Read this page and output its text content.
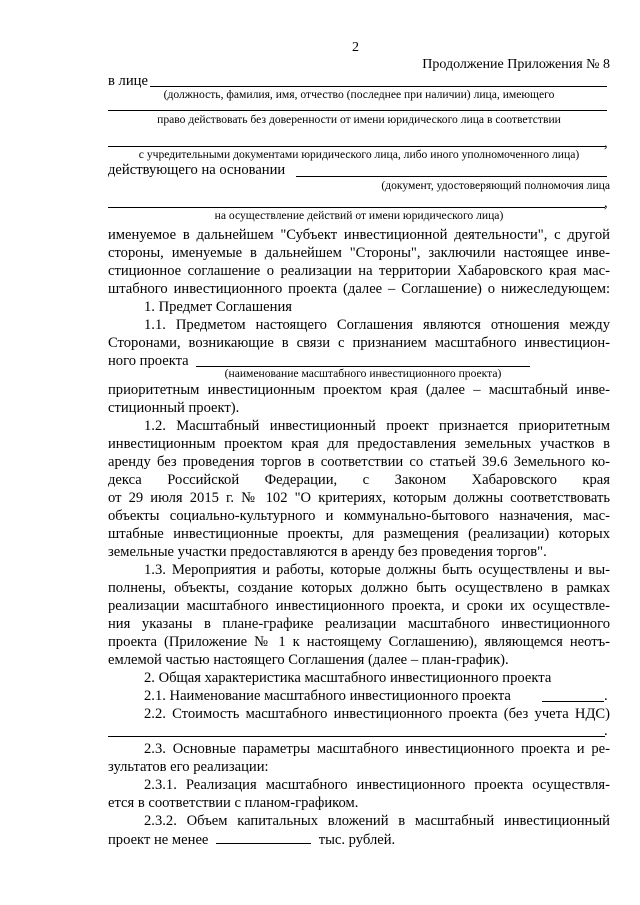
2
Продолжение Приложения № 8
в лице
(должность, фамилия, имя, отчество (последнее при наличии) лица, имеющего
право действовать без доверенности от имени юридического лица в соответствии
,
с учредительными документами юридического лица, либо иного уполномоченного лица)
действующего на основании
(документ, удостоверяющий полномочия лица
,
на осуществление действий от имени юридического лица)
именуемое в дальнейшем "Субъект инвестиционной деятельности", с другой
стороны, именуемые в дальнейшем "Стороны", заключили настоящее инве-
стиционное соглашение о реализации на территории Хабаровского края мас-
штабного инвестиционного проекта (далее – Соглашение) о нижеследующем:
1. Предмет Соглашения
1.1. Предметом настоящего Соглашения являются отношения между
Сторонами, возникающие в связи с признанием масштабного инвестицион-
ного проекта
(наименование масштабного инвестиционного проекта)
приоритетным инвестиционным проектом края (далее – масштабный инве-
стиционный проект).
1.2. Масштабный инвестиционный проект признается приоритетным
инвестиционным проектом края для предоставления земельных участков в
аренду без проведения торгов в соответствии со статьей 39.6 Земельного ко-
декса Российской Федерации, с Законом Хабаровского края
от 29 июля 2015 г. № 102 "О критериях, которым должны соответствовать
объекты социально-культурного и коммунально-бытового назначения, мас-
штабные инвестиционные проекты, для размещения (реализации) которых
земельные участки предоставляются в аренду без проведения торгов".
1.3. Мероприятия и работы, которые должны быть осуществлены и вы-
полнены, объекты, создание которых должно быть осуществлено в рамках
реализации масштабного инвестиционного проекта, и сроки их осуществле-
ния указаны в плане-графике реализации масштабного инвестиционного
проекта (Приложение № 1 к настоящему Соглашению), являющемся неотъ-
емлемой частью настоящего Соглашения (далее – план-график).
2. Общая характеристика масштабного инвестиционного проекта
2.1. Наименование масштабного инвестиционного проекта	.
2.2. Стоимость масштабного инвестиционного проекта (без учета НДС)
.
2.3. Основные параметры масштабного инвестиционного проекта и ре-
зультатов его реализации:
2.3.1. Реализация масштабного инвестиционного проекта осуществля-
ется в соответствии с планом-графиком.
2.3.2. Объем капитальных вложений в масштабный инвестиционный
проект не менее	тыс. рублей.
